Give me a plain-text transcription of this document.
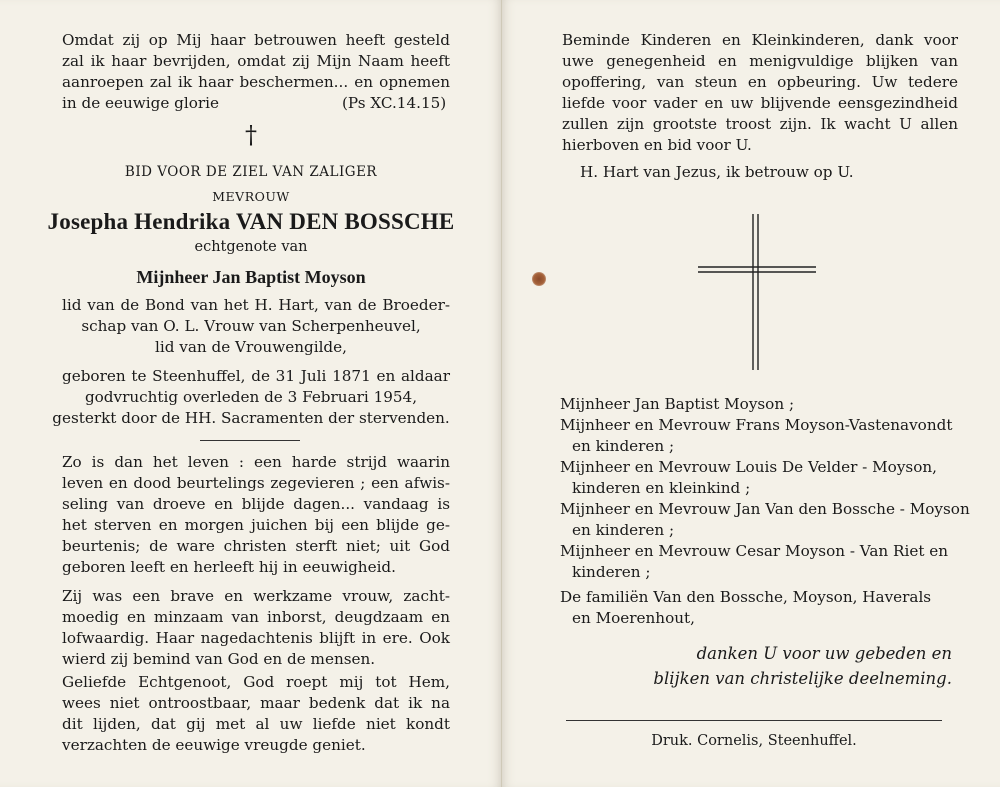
Omdat zij op Mij haar betrouwen heeft gesteld
zal ik haar bevrijden, omdat zij Mijn Naam heeft
aanroepen zal ik haar beschermen... en opnemen
in de eeuwige glorie	(Ps XC.14.15)
†
BID VOOR DE ZIEL VAN ZALIGER
MEVROUW
Josepha Hendrika VAN DEN BOSSCHE
echtgenote van
Mijnheer Jan Baptist Moyson
lid van de Bond van het H. Hart, van de Broeder-
schap van O. L. Vrouw van Scherpenheuvel,
lid van de Vrouwengilde,
geboren te Steenhuffel, de 31 Juli 1871 en aldaar
godvruchtig overleden de 3 Februari 1954,
gesterkt door de HH. Sacramenten der stervenden.
Zo is dan het leven : een harde strijd waarin
leven en dood beurtelings zegevieren ; een afwis-
seling van droeve en blijde dagen... vandaag is
het sterven en morgen juichen bij een blijde ge-
beurtenis; de ware christen sterft niet; uit God
geboren leeft en herleeft hij in eeuwigheid.
Zij was een brave en werkzame vrouw, zacht-
moedig en minzaam van inborst, deugdzaam en
lofwaardig. Haar nagedachtenis blijft in ere. Ook
wierd zij bemind van God en de mensen.
Geliefde Echtgenoot, God roept mij tot Hem,
wees niet ontroostbaar, maar bedenk dat ik na
dit lijden, dat gij met al uw liefde niet kondt
verzachten de eeuwige vreugde geniet.
Beminde Kinderen en Kleinkinderen, dank voor
uwe genegenheid en menigvuldige blijken van
opoffering, van steun en opbeuring. Uw tedere
liefde voor vader en uw blijvende eensgezindheid
zullen zijn grootste troost zijn. Ik wacht U allen
hierboven en bid voor U.
H. Hart van Jezus, ik betrouw op U.
Mijnheer Jan Baptist Moyson ;
Mijnheer en Mevrouw Frans Moyson-Vastenavondt
en kinderen ;
Mijnheer en Mevrouw Louis De Velder - Moyson,
kinderen en kleinkind ;
Mijnheer en Mevrouw Jan Van den Bossche - Moyson
en kinderen ;
Mijnheer en Mevrouw Cesar Moyson - Van Riet en
kinderen ;
De familiën Van den Bossche, Moyson, Haverals
en Moerenhout,
danken U voor uw gebeden en
blijken van christelijke deelneming.
Druk. Cornelis, Steenhuffel.
